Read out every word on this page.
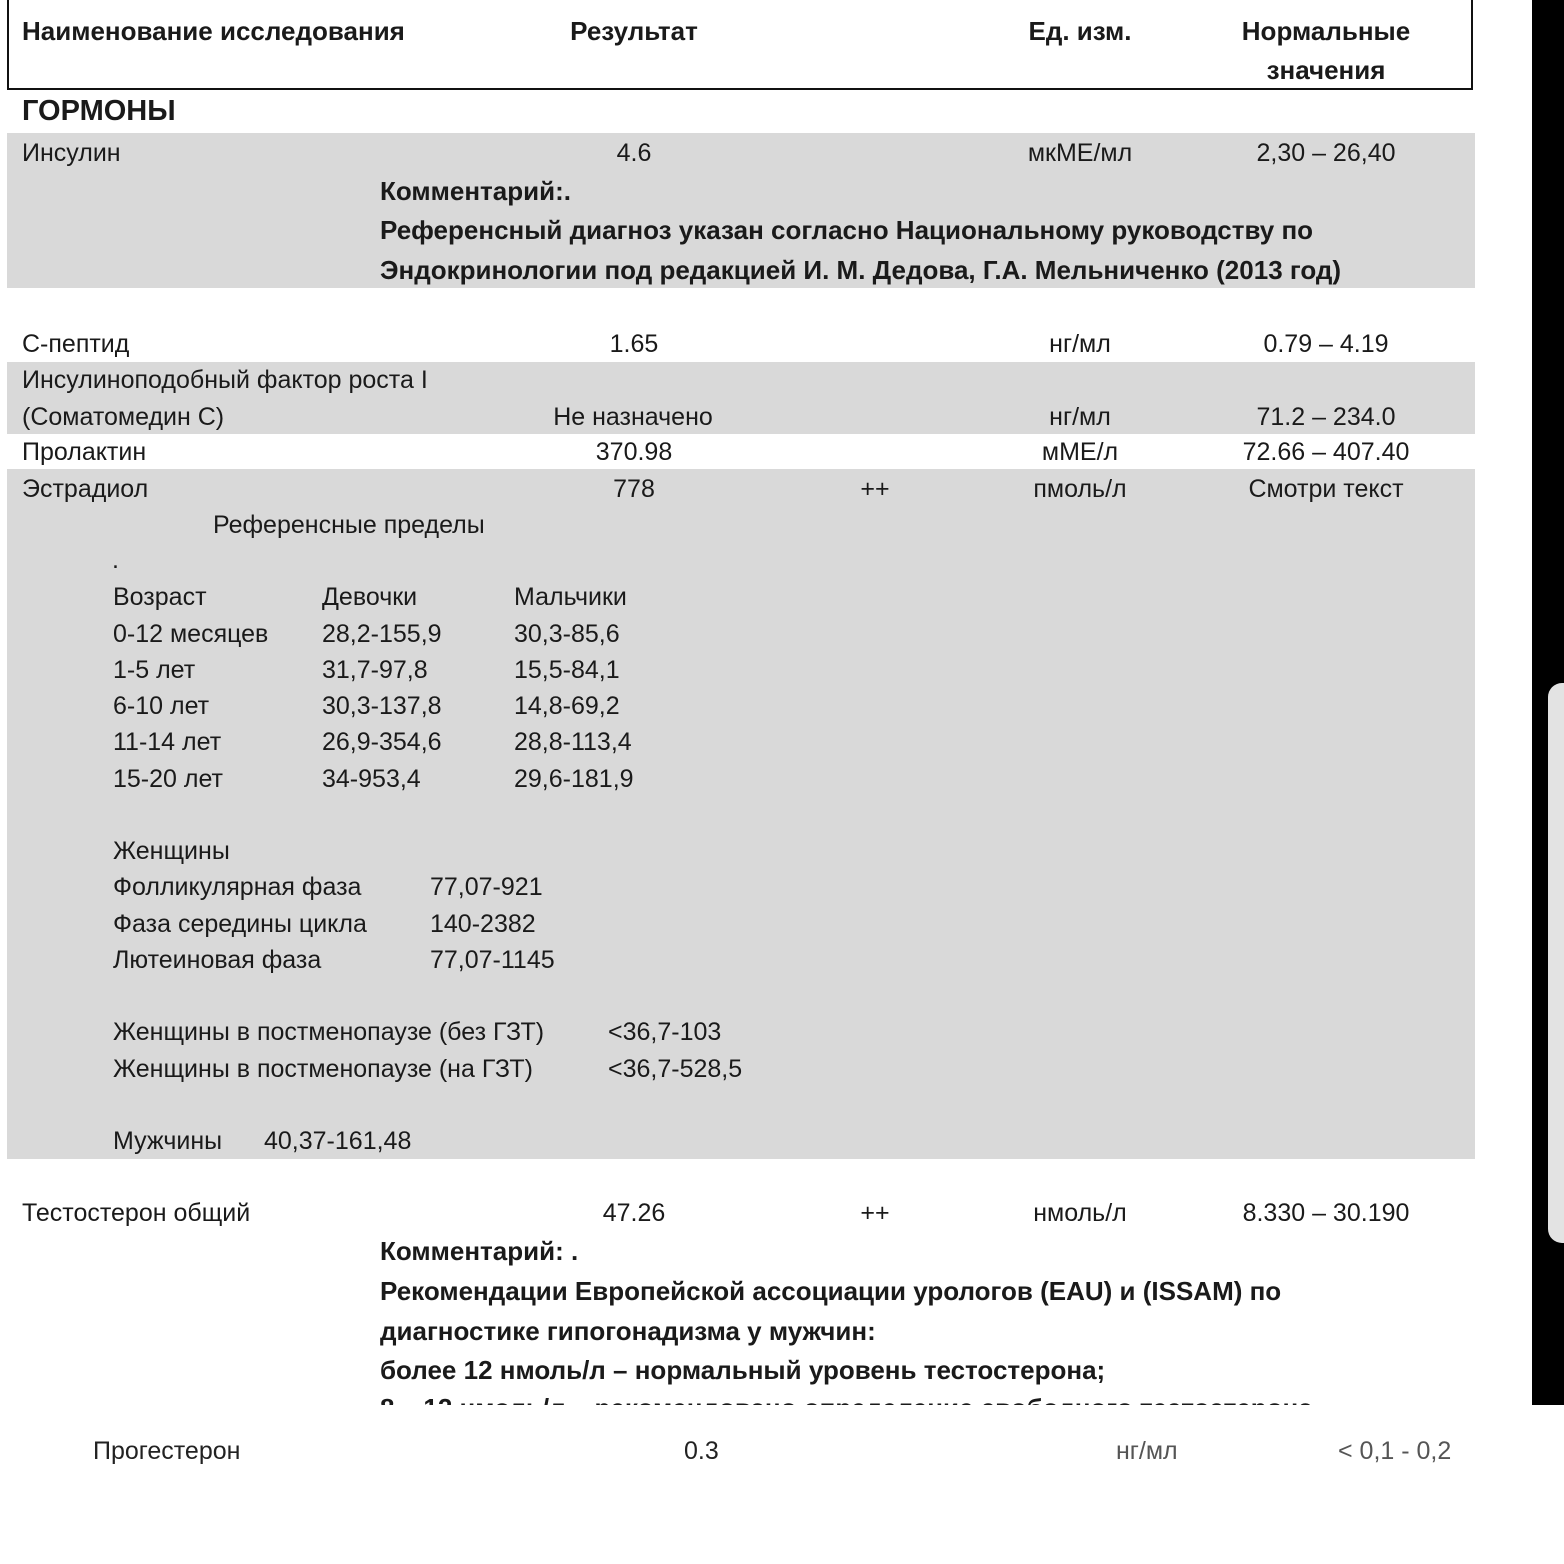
Наименование исследования	Результат	Ед. изм.	Нормальные
значения
ГОРМОНЫ
Инсулин	4.6	мкМЕ/мл	2,30 – 26,40
Комментарий:.
Референсный диагноз указан согласно Национальному руководству по
Эндокринологии под редакцией И. М. Дедова, Г.А. Мельниченко (2013 год)
С-пептид	1.65	нг/мл	0.79 – 4.19
Инсулиноподобный фактор роста I
(Соматомедин С)	Не назначено	нг/мл	71.2 – 234.0
Пролактин	370.98	мМЕ/л	72.66 – 407.40
Эстрадиол	778	++	пмоль/л	Смотри текст
Референсные пределы
.
Возраст	Девочки	Мальчики
0-12 месяцев 28,2-155,9	30,3-85,6
1-5 лет	31,7-97,8	15,5-84,1
6-10 лет	30,3-137,8	14,8-69,2
11-14 лет	26,9-354,6	28,8-113,4
15-20 лет	34-953,4	29,6-181,9
Женщины
Фолликулярная фаза	77,07-921
Фаза середины цикла	140-2382
Лютеиновая фаза	77,07-1145
Женщины в постменопаузе (без ГЗТ)	<36,7-103
Женщины в постменопаузе (на ГЗТ)	<36,7-528,5
Мужчины 40,37-161,48
Тестостерон общий	47.26	++	нмоль/л	8.330 – 30.190
Комментарий: .
Рекомендации Европейской ассоциации урологов (EAU) и (ISSAM) по
диагностике гипогонадизма у мужчин:
более 12 нмоль/л – нормальный уровень тестостерона;
Прогестерон	0.3	нг/мл	< 0,1 - 0,2
